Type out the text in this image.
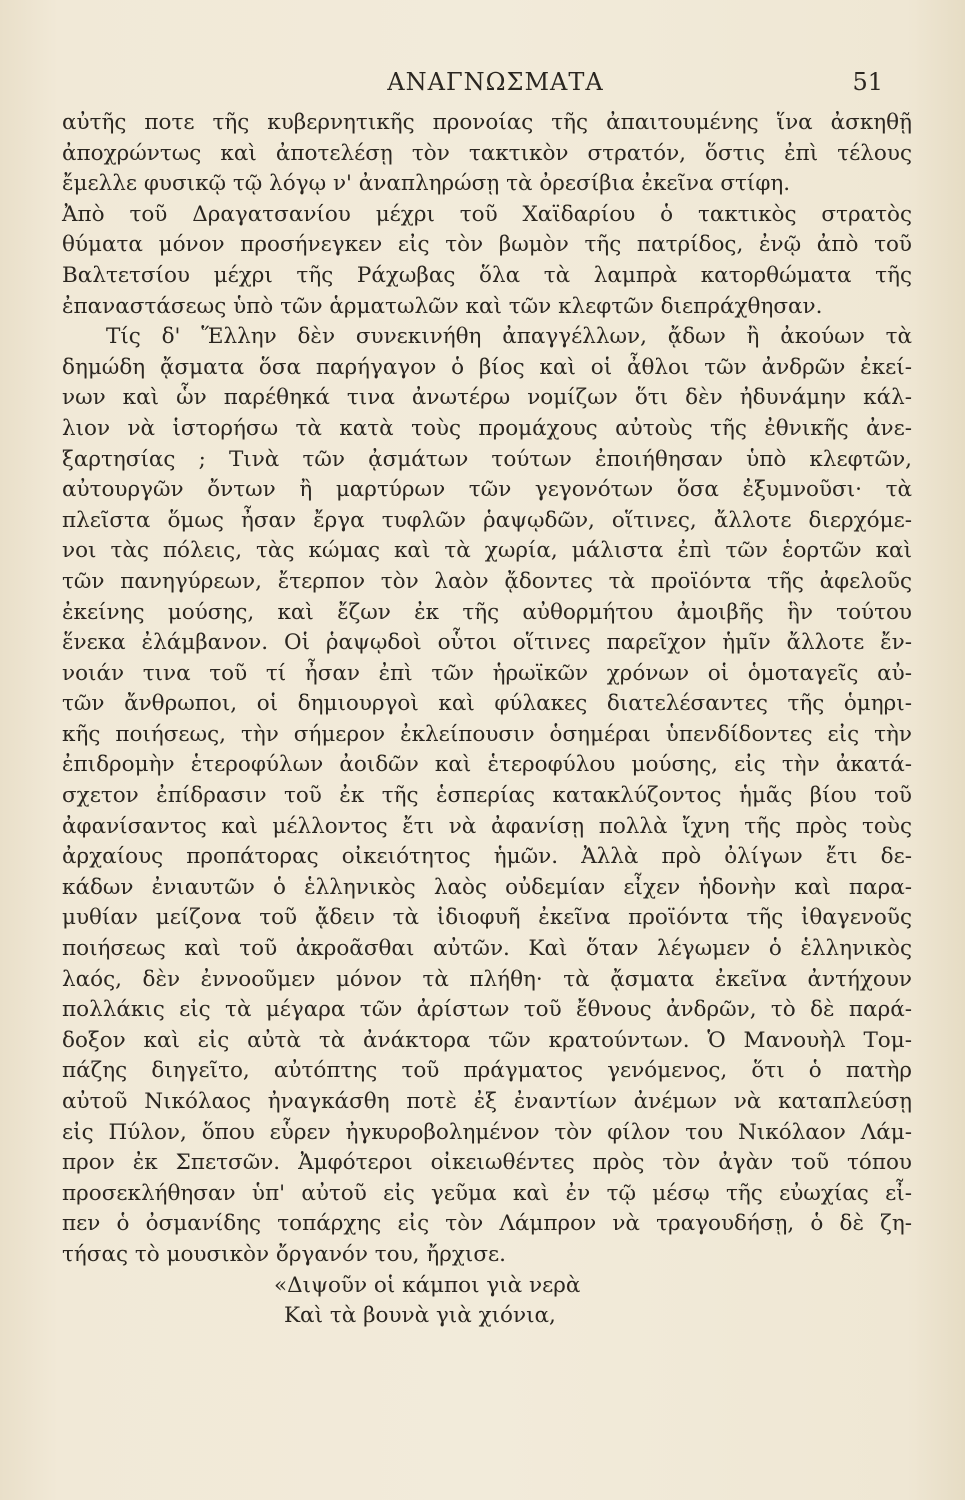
ΑΝΑΓΝΩΣΜΑΤΑ	51
αὐτῆς ποτε τῆς κυβερνητικῆς προνοίας τῆς ἀπαιτουμένης ἵνα ἀσκηθῇ
ἀποχρώντως καὶ ἀποτελέσῃ τὸν τακτικὸν στρατόν, ὅστις ἐπὶ τέλους
ἔμελλε φυσικῷ τῷ λόγῳ ν' ἀναπληρώσῃ τὰ ὀρεσίβια ἐκεῖνα στίφη.
Ἀπὸ τοῦ Δραγατσανίου μέχρι τοῦ Χαϊδαρίου ὁ τακτικὸς στρατὸς
θύματα μόνον προσήνεγκεν εἰς τὸν βωμὸν τῆς πατρίδος, ἐνῷ ἀπὸ τοῦ
Βαλτετσίου μέχρι τῆς Ράχωβας ὅλα τὰ λαμπρὰ κατορθώματα τῆς
ἐπαναστάσεως ὑπὸ τῶν ἁρματωλῶν καὶ τῶν κλεφτῶν διεπράχθησαν.
Τίς δ' Ἕλλην δὲν συνεκινήθη ἀπαγγέλλων, ᾄδων ἢ ἀκούων τὰ
δημώδη ᾄσματα ὅσα παρήγαγον ὁ βίος καὶ οἱ ἆθλοι τῶν ἀνδρῶν ἐκεί-
νων καὶ ὧν παρέθηκά τινα ἀνωτέρω νομίζων ὅτι δὲν ἠδυνάμην κάλ-
λιον νὰ ἱστορήσω τὰ κατὰ τοὺς προμάχους αὐτοὺς τῆς ἐθνικῆς ἀνε-
ξαρτησίας ; Τινὰ τῶν ᾀσμάτων τούτων ἐποιήθησαν ὑπὸ κλεφτῶν,
αὐτουργῶν ὄντων ἢ μαρτύρων τῶν γεγονότων ὅσα ἐξυμνοῦσι· τὰ
πλεῖστα ὅμως ἦσαν ἔργα τυφλῶν ῥαψῳδῶν, οἵτινες, ἄλλοτε διερχόμε-
νοι τὰς πόλεις, τὰς κώμας καὶ τὰ χωρία, μάλιστα ἐπὶ τῶν ἑορτῶν καὶ
τῶν πανηγύρεων, ἔτερπον τὸν λαὸν ᾄδοντες τὰ προϊόντα τῆς ἀφελοῦς
ἐκείνης μούσης, καὶ ἔζων ἐκ τῆς αὐθορμήτου ἀμοιβῆς ἣν τούτου
ἕνεκα ἐλάμβανον. Οἱ ῥαψῳδοὶ οὗτοι οἵτινες παρεῖχον ἡμῖν ἄλλοτε ἔν-
νοιάν τινα τοῦ τί ἦσαν ἐπὶ τῶν ἡρωϊκῶν χρόνων οἱ ὁμοταγεῖς αὐ-
τῶν ἄνθρωποι, οἱ δημιουργοὶ καὶ φύλακες διατελέσαντες τῆς ὁμηρι-
κῆς ποιήσεως, τὴν σήμερον ἐκλείπουσιν ὁσημέραι ὑπενδίδοντες εἰς τὴν
ἐπιδρομὴν ἑτεροφύλων ἀοιδῶν καὶ ἑτεροφύλου μούσης, εἰς τὴν ἀκατά-
σχετον ἐπίδρασιν τοῦ ἐκ τῆς ἑσπερίας κατακλύζοντος ἡμᾶς βίου τοῦ
ἀφανίσαντος καὶ μέλλοντος ἔτι νὰ ἀφανίσῃ πολλὰ ἴχνη τῆς πρὸς τοὺς
ἀρχαίους προπάτορας οἰκειότητος ἡμῶν. Ἀλλὰ πρὸ ὀλίγων ἔτι δε-
κάδων ἐνιαυτῶν ὁ ἑλληνικὸς λαὸς οὐδεμίαν εἶχεν ἡδονὴν καὶ παρα-
μυθίαν μείζονα τοῦ ᾄδειν τὰ ἰδιοφυῆ ἐκεῖνα προϊόντα τῆς ἰθαγενοῦς
ποιήσεως καὶ τοῦ ἀκροᾶσθαι αὐτῶν. Καὶ ὅταν λέγωμεν ὁ ἑλληνικὸς
λαός, δὲν ἐννοοῦμεν μόνον τὰ πλήθη· τὰ ᾄσματα ἐκεῖνα ἀντήχουν
πολλάκις εἰς τὰ μέγαρα τῶν ἀρίστων τοῦ ἔθνους ἀνδρῶν, τὸ δὲ παρά-
δοξον καὶ εἰς αὐτὰ τὰ ἀνάκτορα τῶν κρατούντων. Ὁ Μανουὴλ Τομ-
πάζης διηγεῖτο, αὐτόπτης τοῦ πράγματος γενόμενος, ὅτι ὁ πατὴρ
αὐτοῦ Νικόλαος ἠναγκάσθη ποτὲ ἐξ ἐναντίων ἀνέμων νὰ καταπλεύσῃ
εἰς Πύλον, ὅπου εὗρεν ἠγκυροβολημένον τὸν φίλον του Νικόλαον Λάμ-
προν ἐκ Σπετσῶν. Ἀμφότεροι οἰκειωθέντες πρὸς τὸν ἀγὰν τοῦ τόπου
προσεκλήθησαν ὑπ' αὐτοῦ εἰς γεῦμα καὶ ἐν τῷ μέσῳ τῆς εὐωχίας εἶ-
πεν ὁ ὀσμανίδης τοπάρχης εἰς τὸν Λάμπρον νὰ τραγουδήσῃ, ὁ δὲ ζη-
τήσας τὸ μουσικὸν ὄργανόν του, ἤρχισε.
«Διψοῦν οἱ κάμποι γιὰ νερὰ
Καὶ τὰ βουνὰ γιὰ χιόνια,
